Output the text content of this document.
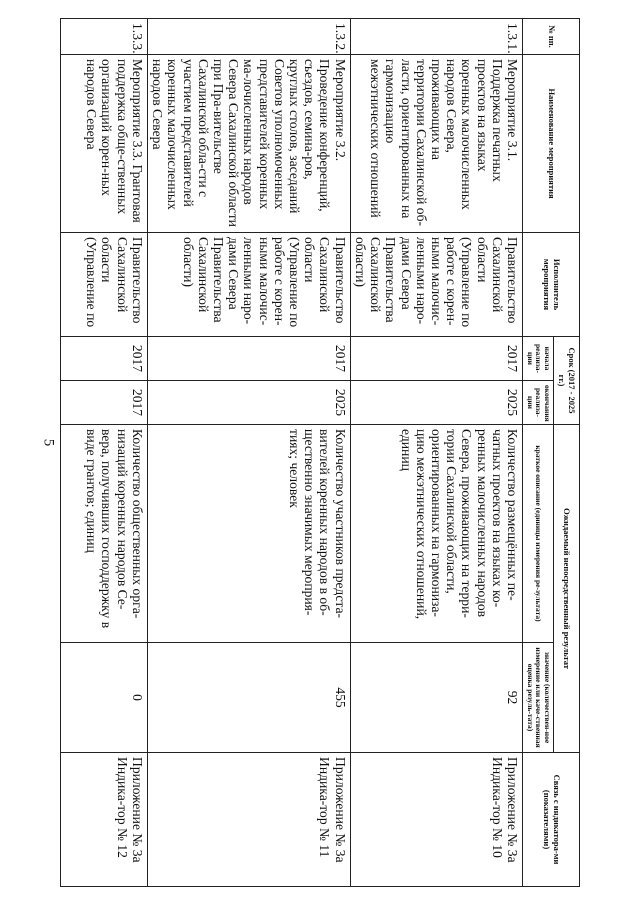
5
№ пп.	Наименование мероприятия	Исполнитель мероприятия	Срок (2017 - 2025 гг.)		Ожидаемый непосредственный результат		Связь с индикатора-ми (показателями)
			начала реализа-ции	окончания реализа-ции	краткое описание (единицы измерения ре-зультата)	значение (количествен-ное измерение или каче-ственная оценка резуль-тата)	
1.3.1.	Мероприятие 3.1. Поддержка печатных проектов на языках коренных малочисленных народов Севера, проживающих на территории Сахалинской об-ласти, ориентированных на гармонизацию межэтнических отношений	Правительство Сахалинской области (Управление по работе с корен-ными малочис-ленными наро-дами Севера Правительства Сахалинской области)	2017	2025	Количество размещённых пе-чатных проектов на языках ко-ренных малочисленных народов Севера, проживающих на терри-тории Сахалинской области, ориентированных на гармониза-цию межэтнических отношений, единиц	92	Приложение № 3а Индика-тор № 10
1.3.2.	Мероприятие 3.2. Проведение конференций, съездов, семина-ров, круглых столов, заседаний Советов уполномоченных представителей коренных ма-лочисленных народов Севера Сахалинской области при Пра-вительстве Сахалинской обла-сти с участием представителей коренных малочисленных народов Севера	Правительство Сахалинской области (Управление по работе с корен-ными малочис-ленными наро-дами Севера Правительства Сахалинской области)	2017	2025	Количество участников предста-вителей коренных народов в об-щественно значимых мероприя-тиях; человек	455	Приложение № 3а Индика-тор № 11
1.3.3.	Мероприятие 3.3. Грантовая поддержка обще-ственных организаций корен-ных народов Севера	Правительство Сахалинской области (Управление по	2017	2017	Количество общественных орга-низаций коренных народов Се-вера, получивших господдержку в виде грантов; единиц	0	Приложение № 3а Индика-тор № 12
